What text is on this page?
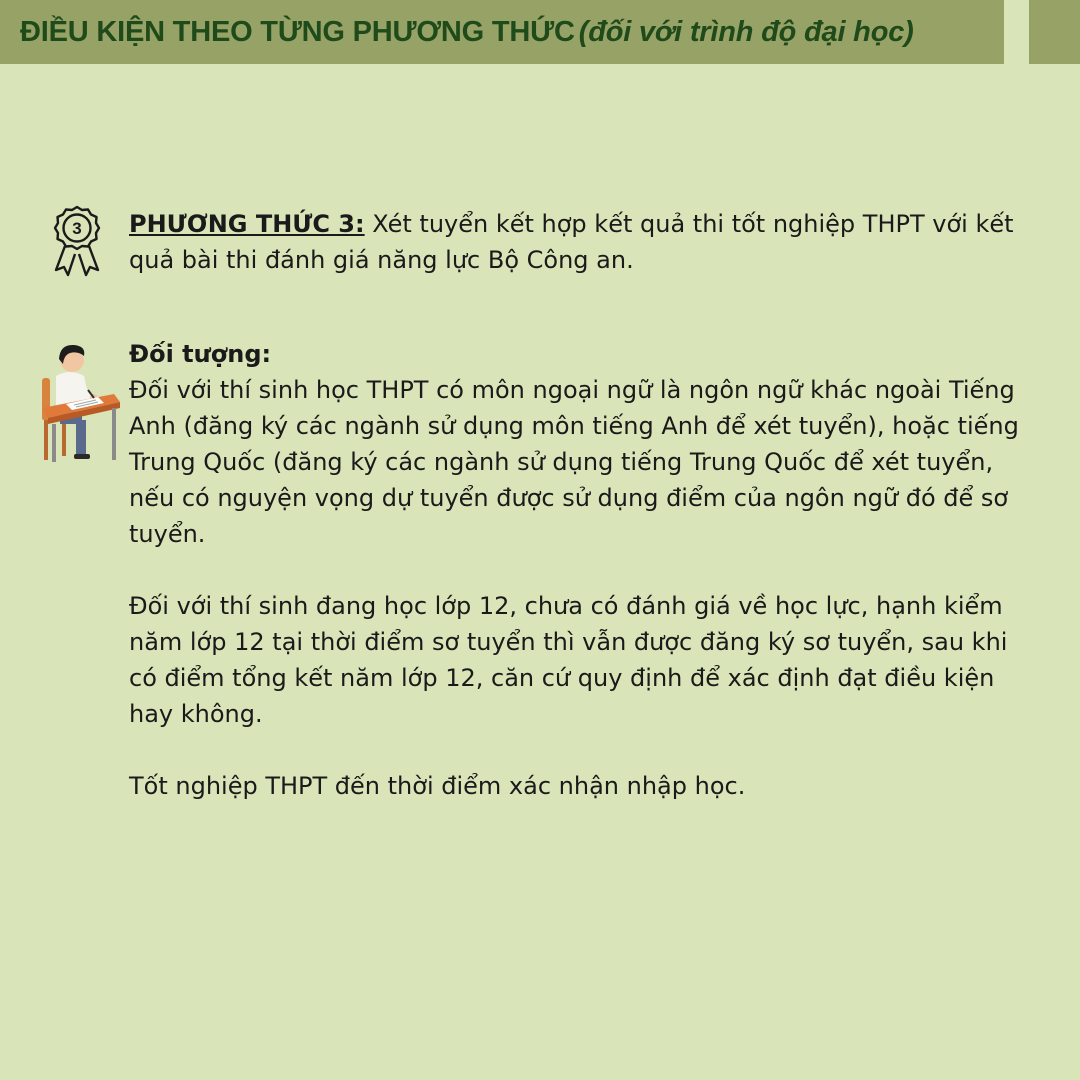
ĐIỀU KIỆN THEO TỪNG PHƯƠNG THỨC (đối với trình độ đại học)
3 PHƯƠNG THỨC 3: Xét tuyển kết hợp kết quả thi tốt nghiệp THPT với kết quả bài thi đánh giá năng lực Bộ Công an.

Đối tượng:

Đối với thí sinh học THPT có môn ngoại ngữ là ngôn ngữ khác ngoài Tiếng Anh (đăng ký các ngành sử dụng môn tiếng Anh để xét tuyển), hoặc tiếng Trung Quốc (đăng ký các ngành sử dụng tiếng Trung Quốc để xét tuyển, nếu có nguyện vọng dự tuyển được sử dụng điểm của ngôn ngữ đó để sơ tuyển.

Đối với thí sinh đang học lớp 12, chưa có đánh giá về học lực, hạnh kiểm năm lớp 12 tại thời điểm sơ tuyển thì vẫn được đăng ký sơ tuyển, sau khi có điểm tổng kết năm lớp 12, căn cứ quy định để xác định đạt điều kiện hay không.

Tốt nghiệp THPT đến thời điểm xác nhận nhập học.
